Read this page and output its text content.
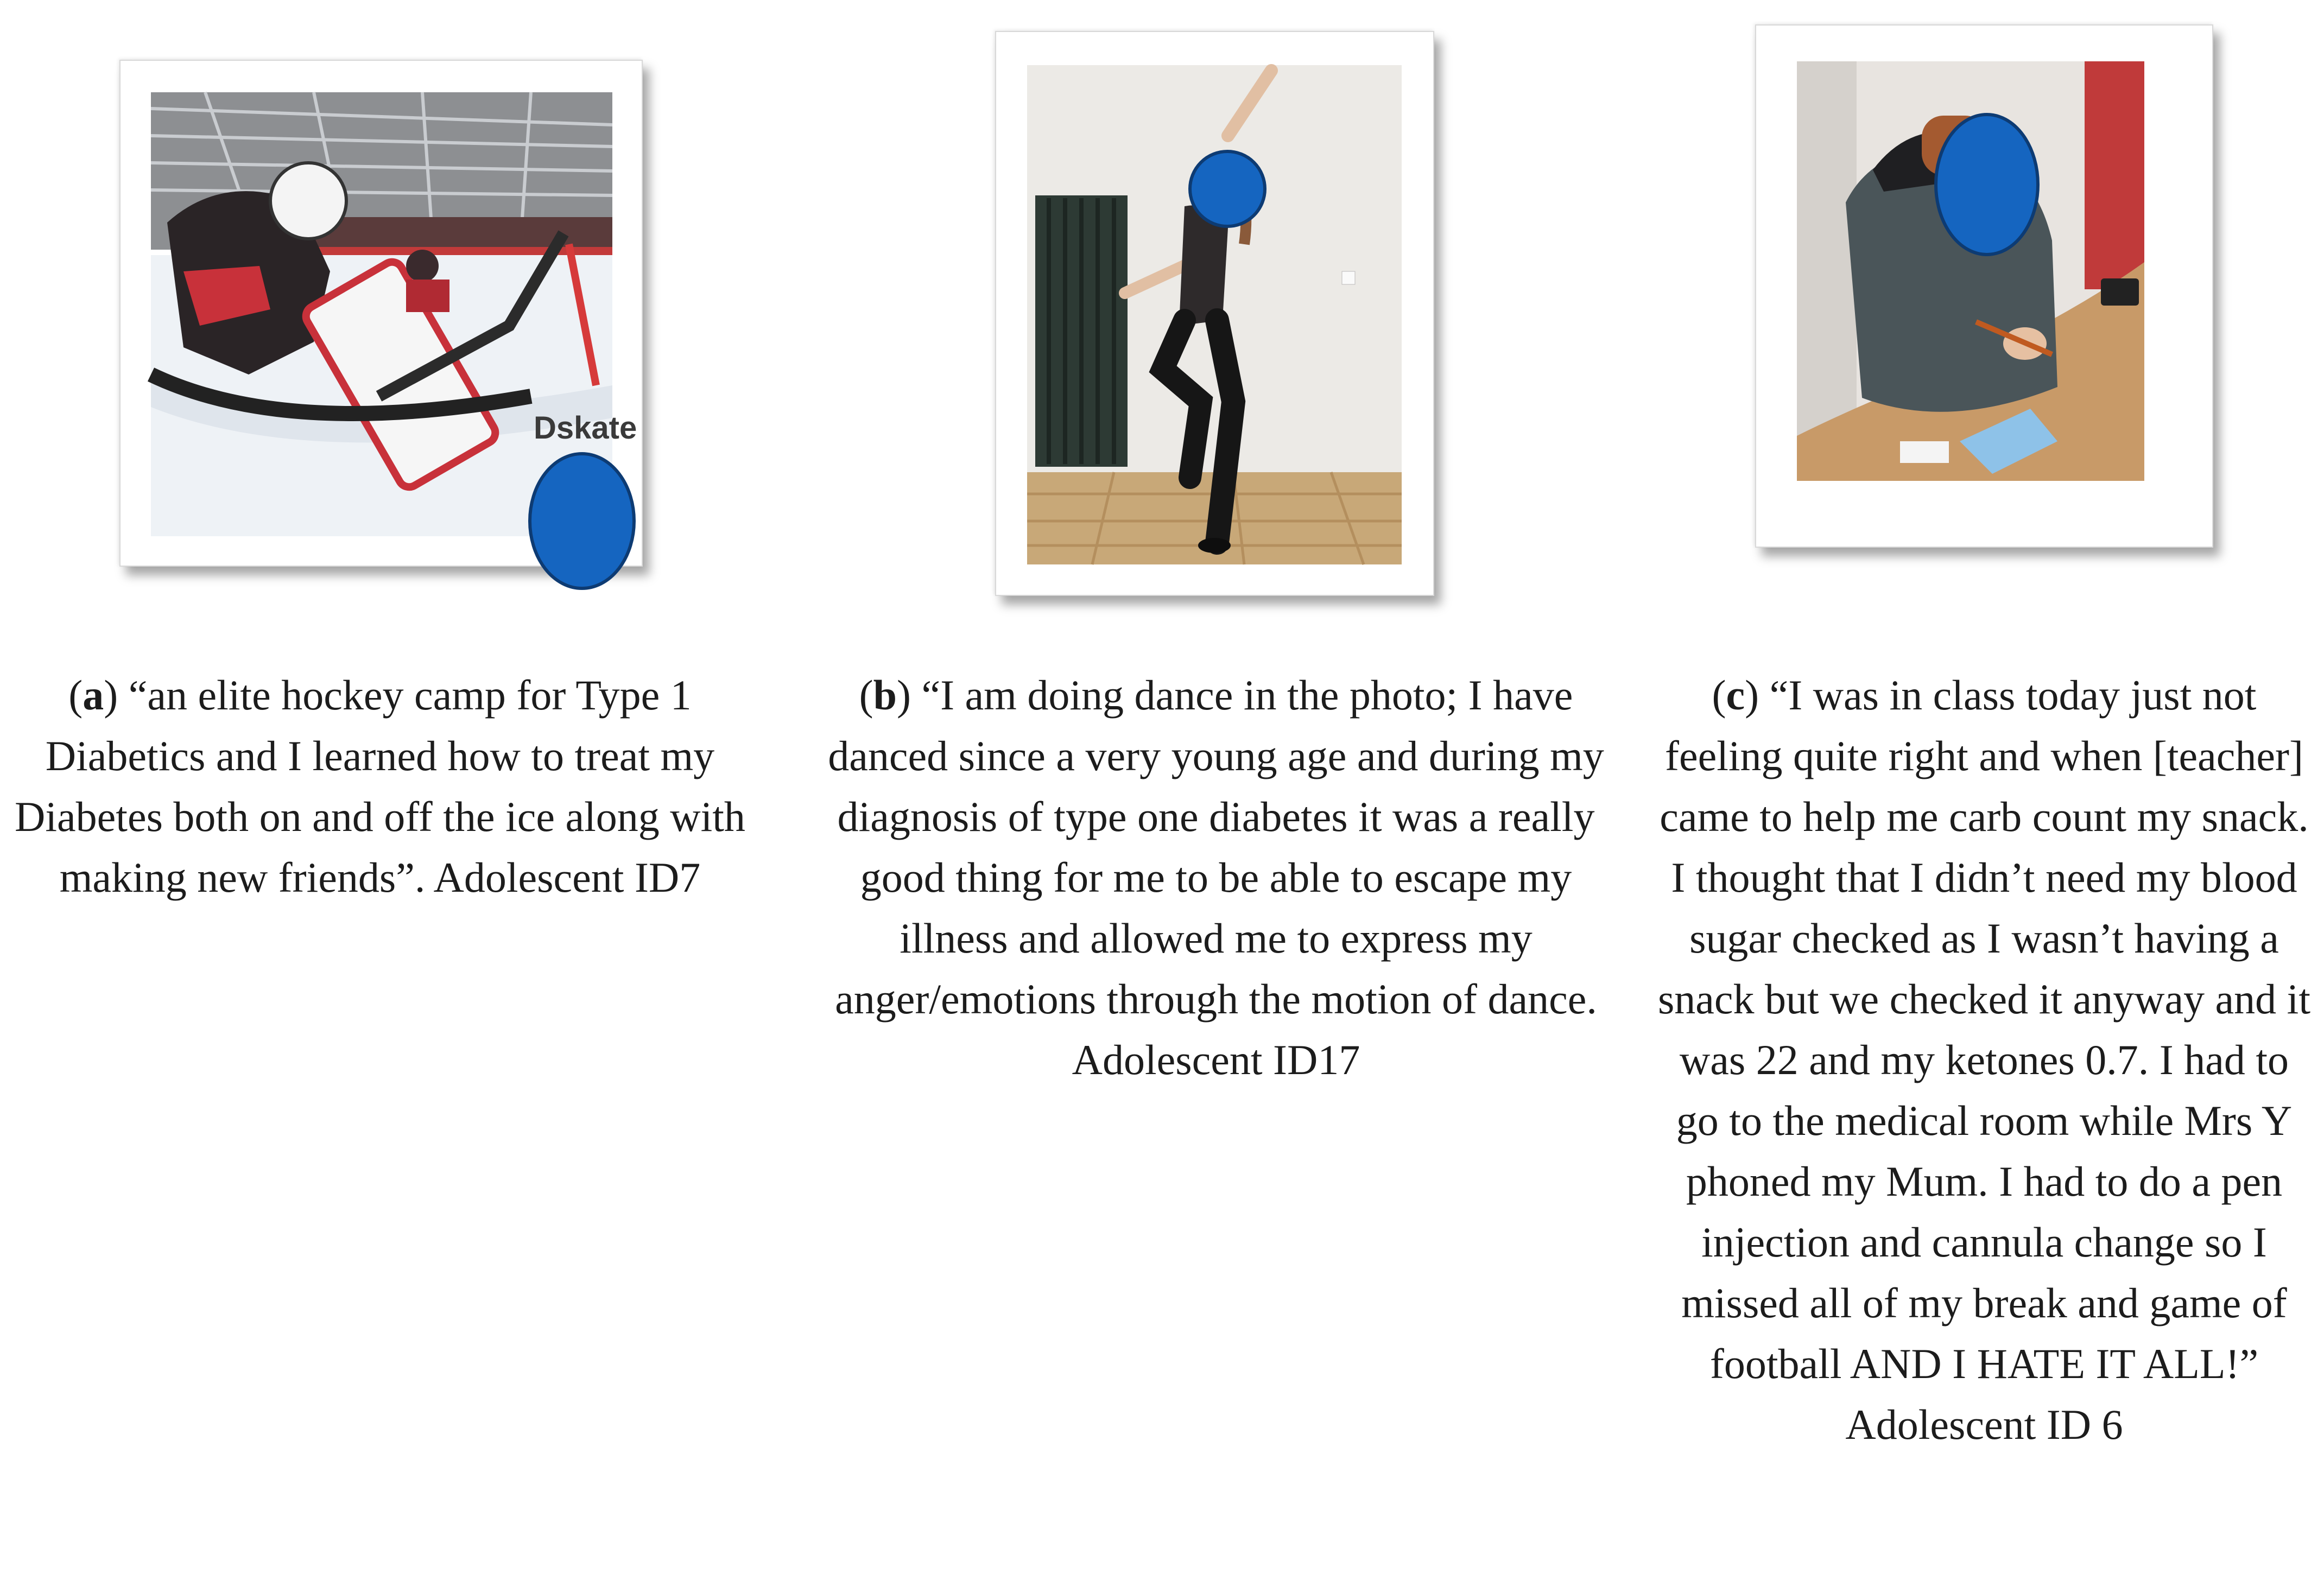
Dskate
(a) “an elite hockey camp for Type 1 Diabetics and I learned how to treat my Diabetes both on and off the ice along with making new friends”. Adolescent ID7
(b) “I am doing dance in the photo; I have danced since a very young age and during my diagnosis of type one diabetes it was a really good thing for me to be able to escape my illness and allowed me to express my anger/emotions through the motion of dance. Adolescent ID17
(c) “I was in class today just not feeling quite right and when [teacher] came to help me carb count my snack. I thought that I didn’t need my blood sugar checked as I wasn’t having a snack but we checked it anyway and it was 22 and my ketones 0.7. I had to go to the medical room while Mrs Y phoned my Mum. I had to do a pen injection and cannula change so I missed all of my break and game of football AND I HATE IT ALL!” Adolescent ID 6
